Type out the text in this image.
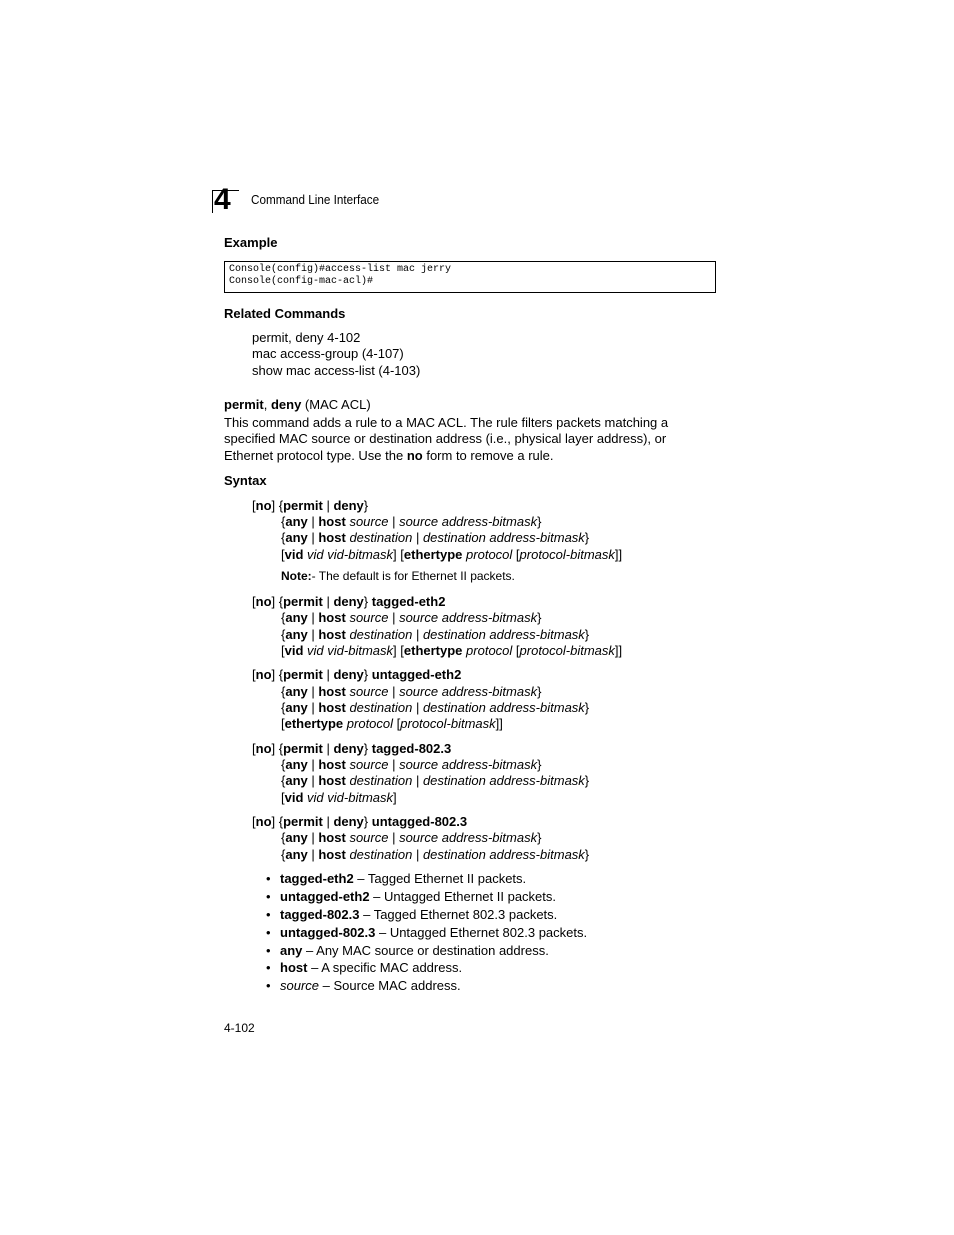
4 Command Line Interface
Example
Console(config)#access-list mac jerry
Console(config-mac-acl)#
Related Commands
permit, deny 4-102
mac access-group (4-107)
show mac access-list (4-103)
permit, deny (MAC ACL)
This command adds a rule to a MAC ACL. The rule filters packets matching a
specified MAC source or destination address (i.e., physical layer address), or
Ethernet protocol type. Use the no form to remove a rule.
Syntax
[no] {permit | deny}
{any | host source | source address-bitmask}
{any | host destination | destination address-bitmask}
[vid vid vid-bitmask] [ethertype protocol [protocol-bitmask]]
Note:- The default is for Ethernet II packets.
[no] {permit | deny} tagged-eth2
{any | host source | source address-bitmask}
{any | host destination | destination address-bitmask}
[vid vid vid-bitmask] [ethertype protocol [protocol-bitmask]]
[no] {permit | deny} untagged-eth2
{any | host source | source address-bitmask}
{any | host destination | destination address-bitmask}
[ethertype protocol [protocol-bitmask]]
[no] {permit | deny} tagged-802.3
{any | host source | source address-bitmask}
{any | host destination | destination address-bitmask}
[vid vid vid-bitmask]
[no] {permit | deny} untagged-802.3
{any | host source | source address-bitmask}
{any | host destination | destination address-bitmask}
• tagged-eth2 – Tagged Ethernet II packets.
• untagged-eth2 – Untagged Ethernet II packets.
• tagged-802.3 – Tagged Ethernet 802.3 packets.
• untagged-802.3 – Untagged Ethernet 802.3 packets.
• any – Any MAC source or destination address.
• host – A specific MAC address.
• source – Source MAC address.
4-102
